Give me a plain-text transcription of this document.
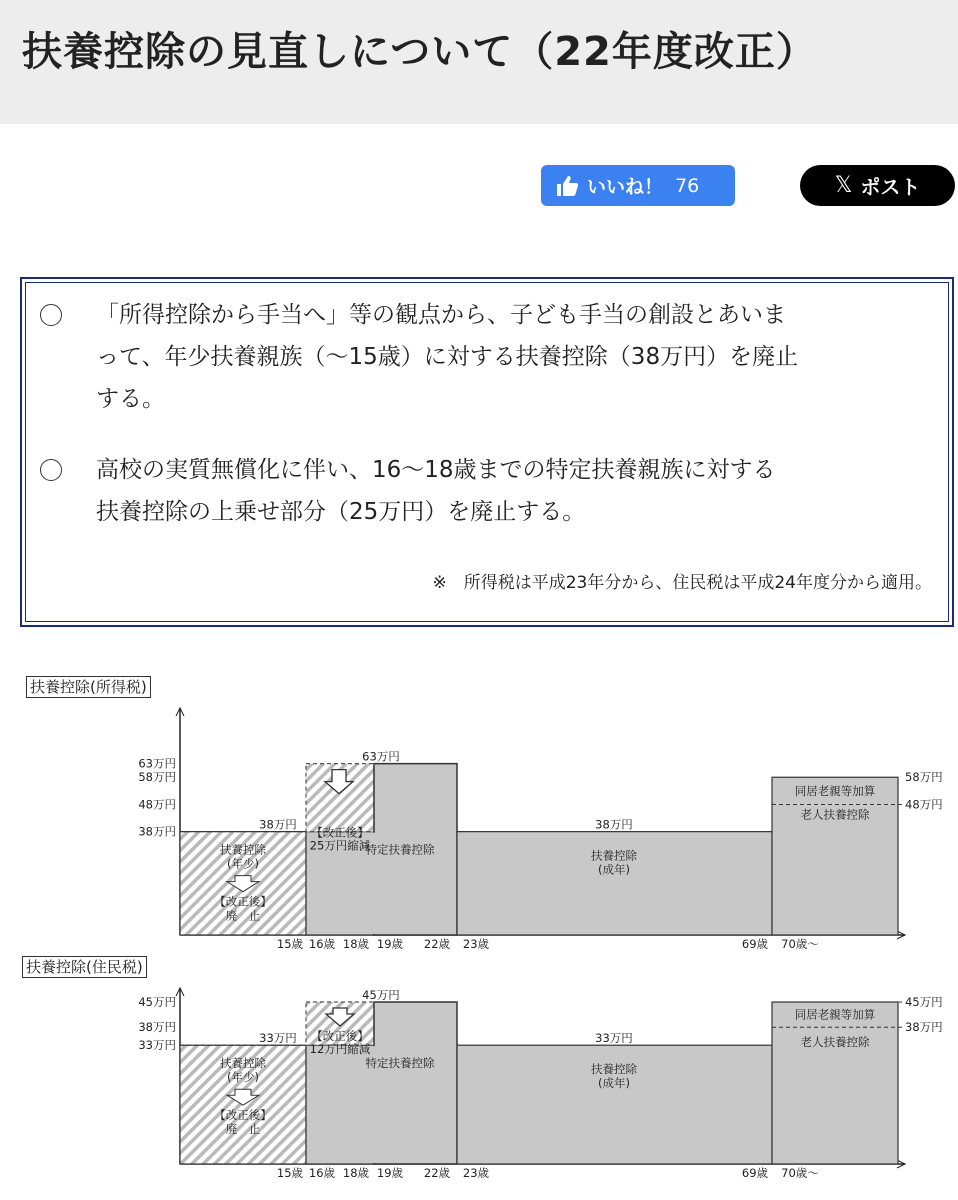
扶養控除の見直しについて（22年度改正）
いいね！ 76	𝕏 ポスト
「所得控除から手当へ」等の観点から、子ども手当の創設とあいま
って、年少扶養親族（～15歳）に対する扶養控除（38万円）を廃止
する。
高校の実質無償化に伴い、16～18歳までの特定扶養親族に対する
扶養控除の上乗せ部分（25万円）を廃止する。
※　所得税は平成23年分から、住民税は平成24年度分から適用。
扶養控除(所得税)
63万円
58万円
48万円
38万円
58万円
48万円
15歳 16歳 18歳 19歳 22歳 23歳	69歳 70歳〜
63万円
38万円	38万円
扶養控除
(年少)
【改正後】
廃　止
【改正後】
25万円縮減
特定扶養控除	扶養控除
(成年)
同居老親等加算
老人扶養控除
扶養控除(住民税)
45万円
38万円
33万円
45万円
38万円
15歳 16歳 18歳 19歳 22歳 23歳	69歳 70歳〜
45万円
33万円	33万円
扶養控除
(年少)
【改正後】
廃　止
【改正後】
12万円縮減
特定扶養控除	扶養控除
(成年)
同居老親等加算
老人扶養控除
